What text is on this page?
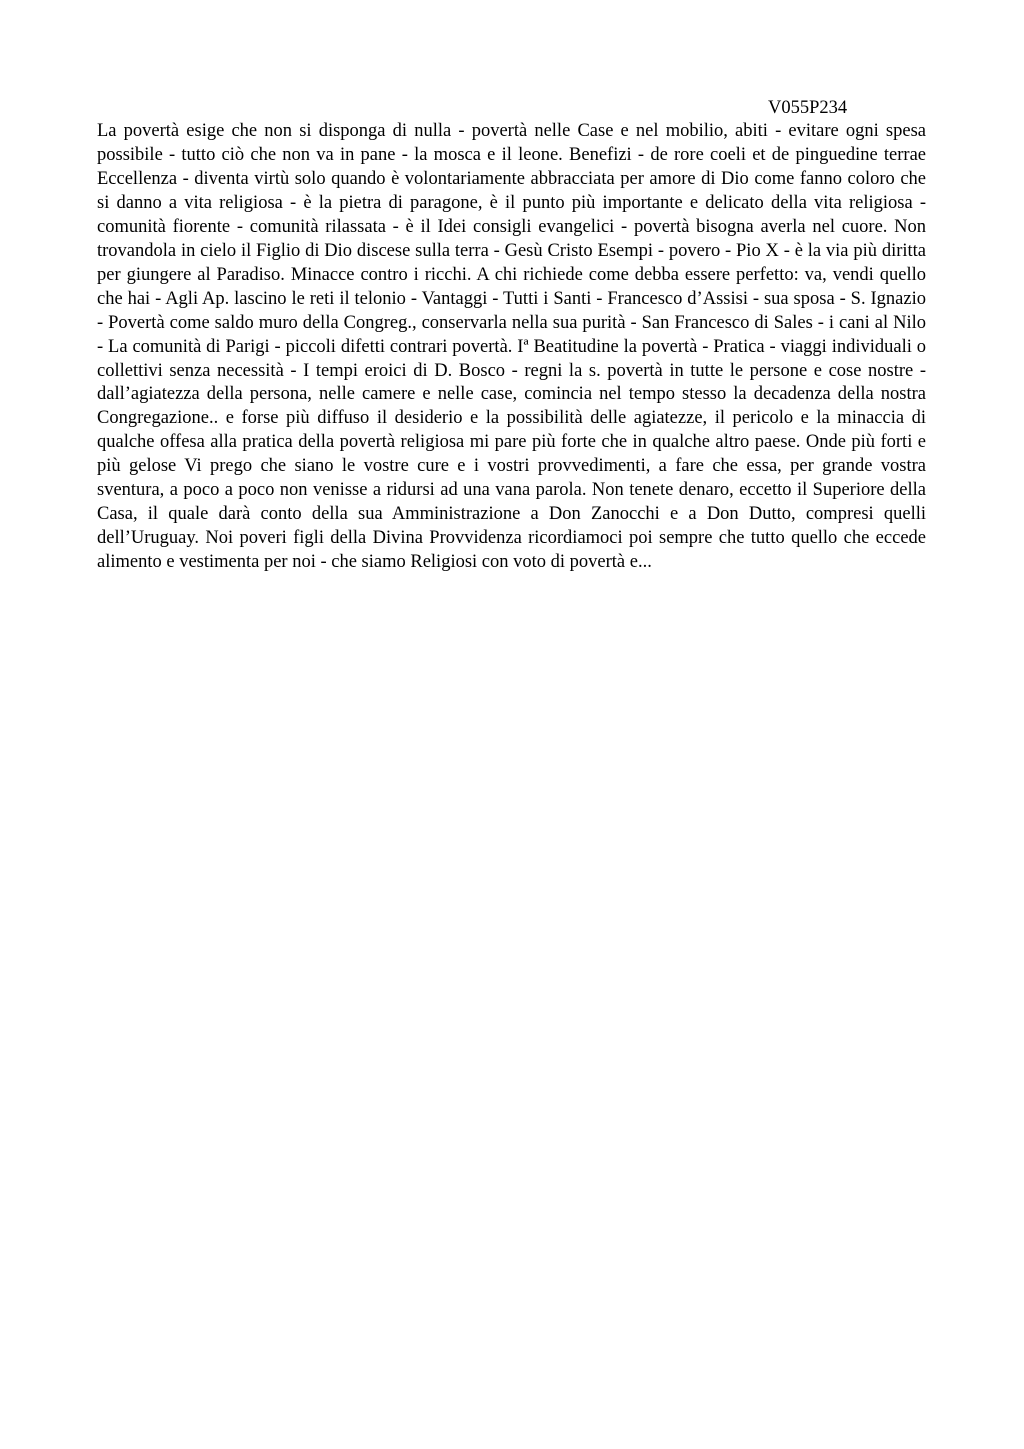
V055P234

La povertà esige che non si disponga di nulla - povertà nelle Case e nel mobilio, abiti - evitare ogni spesa possibile - tutto ciò che non va in pane - la mosca e il leone. Benefizi - de rore coeli et de pinguedine terrae Eccellenza - diventa virtù solo quando è volontariamente abbracciata per amore di Dio come fanno coloro che si danno a vita religiosa - è la pietra di paragone, è il punto più importante e delicato della vita religiosa - comunità fiorente - comunità rilassata - è il Idei consigli evangelici - povertà bisogna averla nel cuore. Non trovandola in cielo il Figlio di Dio discese sulla terra - Gesù Cristo Esempi - povero - Pio X - è la via più diritta per giungere al Paradiso. Minacce contro i ricchi. A chi richiede come debba essere perfetto: va, vendi quello che hai - Agli Ap. lascino le reti il telonio - Vantaggi - Tutti i Santi - Francesco d’Assisi - sua sposa - S. Ignazio - Povertà come saldo muro della Congreg., conservarla nella sua purità - San Francesco di Sales - i cani al Nilo - La comunità di Parigi - piccoli difetti contrari povertà. Iª Beatitudine la povertà - Pratica - viaggi individuali o collettivi senza necessità - I tempi eroici di D. Bosco - regni la s. povertà in tutte le persone e cose nostre - dall’agiatezza della persona, nelle camere e nelle case, comincia nel tempo stesso la decadenza della nostra Congregazione.. e forse più diffuso il desiderio e la possibilità delle agiatezze, il pericolo e la minaccia di qualche offesa alla pratica della povertà religiosa mi pare più forte che in qualche altro paese. Onde più forti e più gelose Vi prego che siano le vostre cure e i vostri provvedimenti, a fare che essa, per grande vostra sventura, a poco a poco non venisse a ridursi ad una vana parola. Non tenete denaro, eccetto il Superiore della Casa, il quale darà conto della sua Amministrazione a Don Zanocchi e a Don Dutto, compresi quelli dell’Uruguay. Noi poveri figli della Divina Provvidenza ricordiamoci poi sempre che tutto quello che eccede alimento e vestimenta per noi - che siamo Religiosi con voto di povertà e...
